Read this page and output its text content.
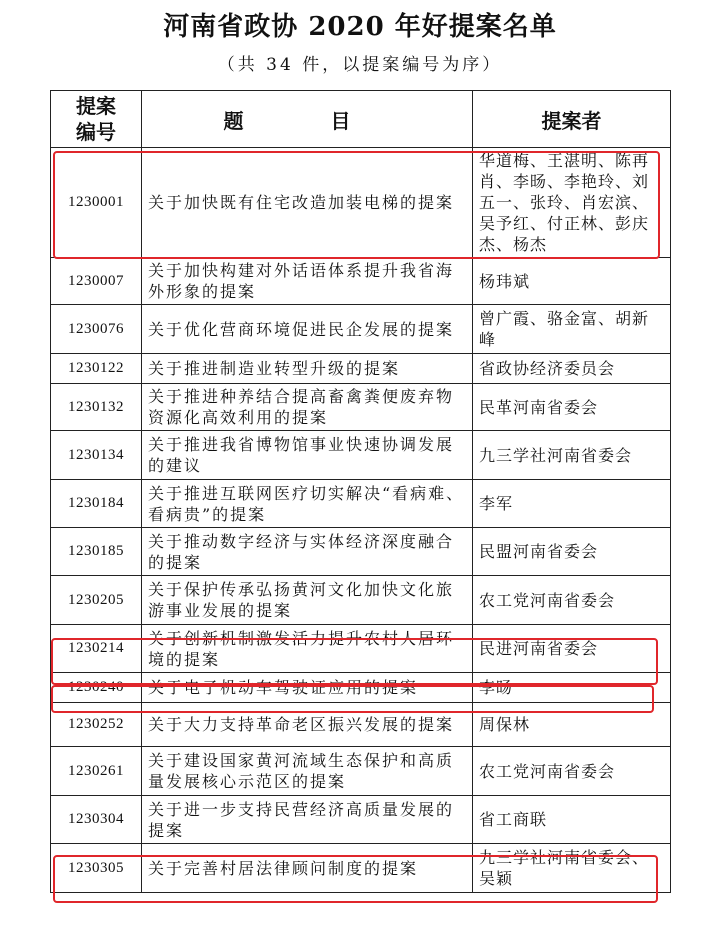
河南省政协 2020 年好提案名单
（共 34 件，以提案编号为序）
提案
编号	题 目	提案者
1230001	关于加快既有住宅改造加装电梯的提案	华道梅、王湛明、陈再肖、李旸、李艳玲、刘五一、张玲、肖宏滨、吴予红、付正林、彭庆杰、杨杰
1230007	关于加快构建对外话语体系提升我省海外形象的提案	杨玮斌
1230076	关于优化营商环境促进民企发展的提案	曾广霞、骆金富、胡新峰
1230122	关于推进制造业转型升级的提案	省政协经济委员会
1230132	关于推进种养结合提高畜禽粪便废弃物资源化高效利用的提案	民革河南省委会
1230134	关于推进我省博物馆事业快速协调发展的建议	九三学社河南省委会
1230184	关于推进互联网医疗切实解决“看病难、看病贵”的提案	李军
1230185	关于推动数字经济与实体经济深度融合的提案	民盟河南省委会
1230205	关于保护传承弘扬黄河文化加快文化旅游事业发展的提案	农工党河南省委会
1230214	关于创新机制激发活力提升农村人居环境的提案	民进河南省委会
1230240	关于电子机动车驾驶证应用的提案	李旸
1230252	关于大力支持革命老区振兴发展的提案	周保林
1230261	关于建设国家黄河流域生态保护和高质量发展核心示范区的提案	农工党河南省委会
1230304	关于进一步支持民营经济高质量发展的提案	省工商联
1230305	关于完善村居法律顾问制度的提案	九三学社河南省委会、吴颖
